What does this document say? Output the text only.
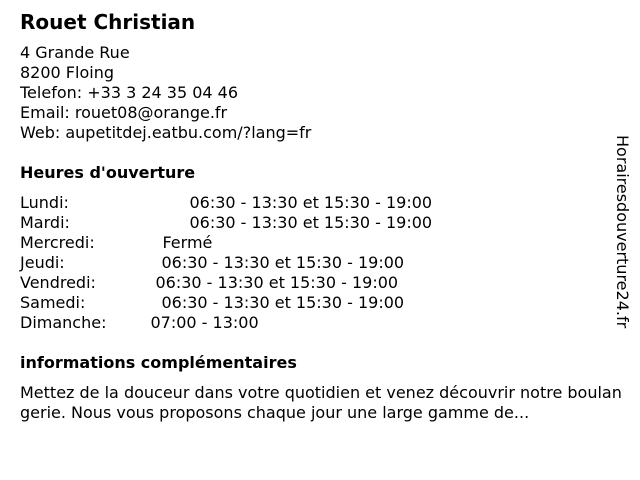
Rouet Christian
4 Grande Rue
8200 Floing
Telefon: +33 3 24 35 04 46
Email: rouet08@orange.fr
Web: aupetitdej.eatbu.com/?lang=fr
Heures d'ouverture
Lundi:	06:30 - 13:30 et 15:30 - 19:00
Mardi:	06:30 - 13:30 et 15:30 - 19:00
Mercredi:	Fermé
Jeudi:	06:30 - 13:30 et 15:30 - 19:00
Vendredi:	06:30 - 13:30 et 15:30 - 19:00
Samedi:	06:30 - 13:30 et 15:30 - 19:00
Dimanche:	07:00 - 13:00
informations complémentaires
Mettez de la douceur dans votre quotidien et venez découvrir notre boulangerie. Nous vous proposons chaque jour une large gamme de...
Horairesdouverture24.fr
